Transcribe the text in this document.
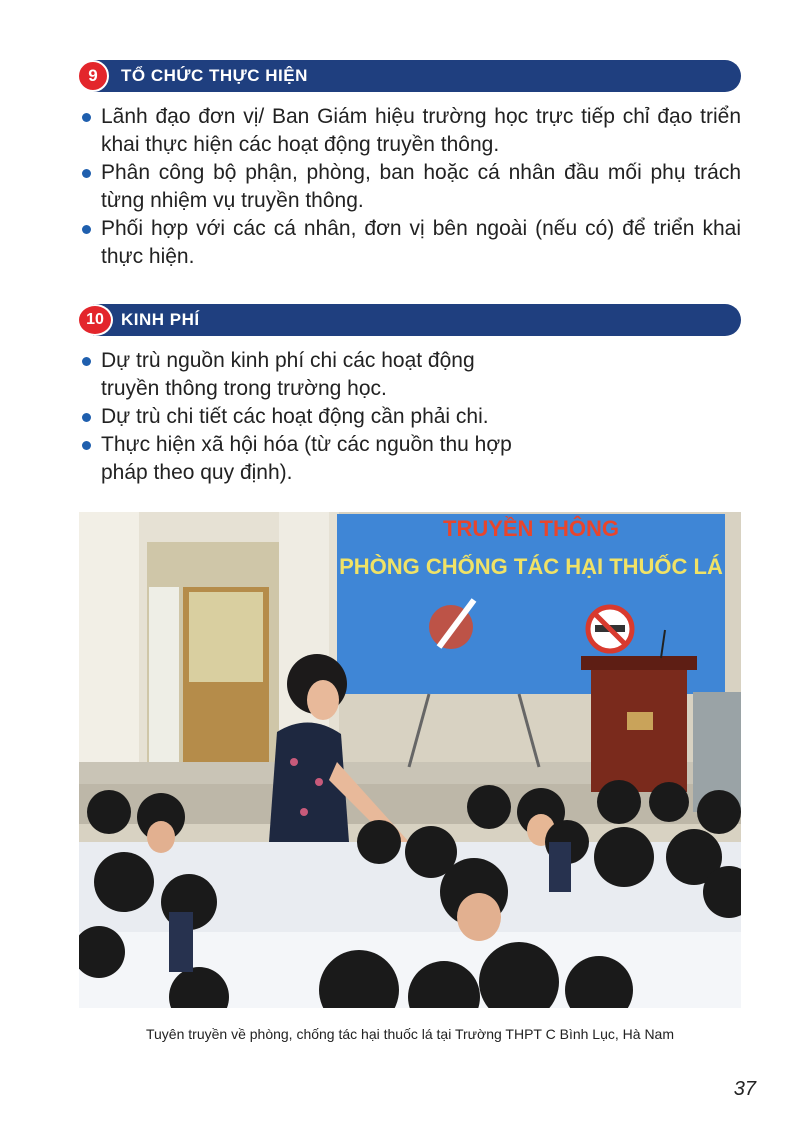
9	TỔ CHỨC THỰC HIỆN
Lãnh đạo đơn vị/ Ban Giám hiệu trường học trực tiếp chỉ đạo triển khai thực hiện các hoạt động truyền thông.
Phân công bộ phận, phòng, ban hoặc cá nhân đầu mối phụ trách từng nhiệm vụ truyền thông.
Phối hợp với các cá nhân, đơn vị bên ngoài (nếu có) để triển khai thực hiện.
10	KINH PHÍ
Dự trù nguồn kinh phí chi các hoạt động truyền thông trong trường học.
Dự trù chi tiết các hoạt động cần phải chi.
Thực hiện xã hội hóa (từ các nguồn thu hợp pháp theo quy định).
TRUYỀN THÔNG
PHÒNG CHỐNG TÁC HẠI THUỐC LÁ
Tuyên truyền về phòng, chống tác hại thuốc lá tại Trường THPT C Bình Lục, Hà Nam
37
